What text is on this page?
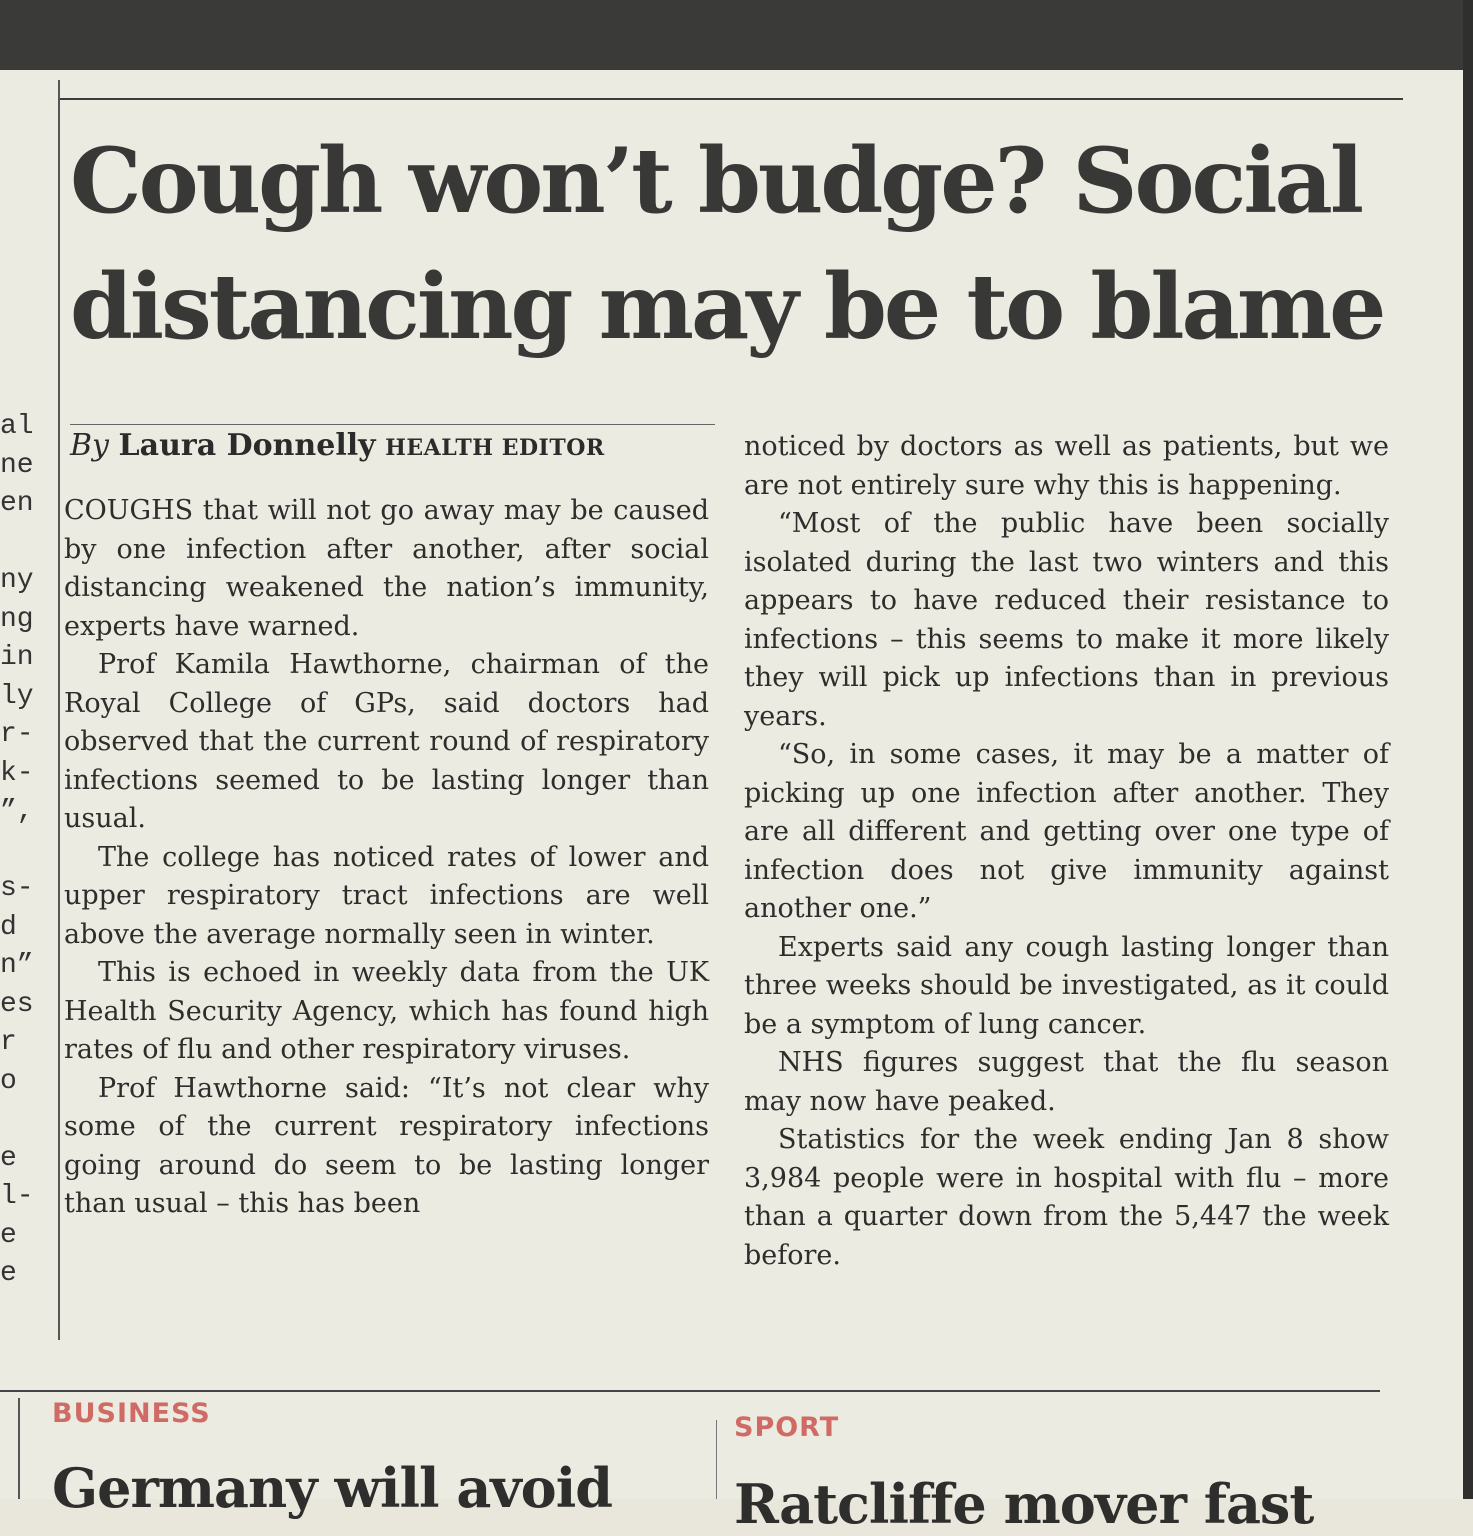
al
ne
en

ny
ng
in
ly
r-
k-
”,

s-
d
n”
es
r
o

e
l-
e
e
Cough won’t budge? Social
distancing may be to blame
By Laura Donnelly HEALTH EDITOR

COUGHS that will not go away may be caused by one infection after another, after social distancing weakened the nation’s immunity, experts have warned.

Prof Kamila Hawthorne, chairman of the Royal College of GPs, said doctors had observed that the current round of respiratory infections seemed to be lasting longer than usual.

The college has noticed rates of lower and upper respiratory tract infections are well above the average normally seen in winter.

This is echoed in weekly data from the UK Health Security Agency, which has found high rates of flu and other respiratory viruses.

Prof Hawthorne said: “It’s not clear why some of the current respiratory infections going around do seem to be lasting longer than usual – this has been

noticed by doctors as well as patients, but we are not entirely sure why this is happening.

“Most of the public have been socially isolated during the last two winters and this appears to have reduced their resistance to infections – this seems to make it more likely they will pick up infections than in previous years.

“So, in some cases, it may be a matter of picking up one infection after another. They are all different and getting over one type of infection does not give immunity against another one.”

Experts said any cough lasting longer than three weeks should be investigated, as it could be a symptom of lung cancer.

NHS figures suggest that the flu season may now have peaked.

Statistics for the week ending Jan 8 show 3,984 people were in hospital with flu – more than a quarter down from the 5,447 the week before.

BUSINESS
Germany will avoid
SPORT
Ratcliffe mover fast
